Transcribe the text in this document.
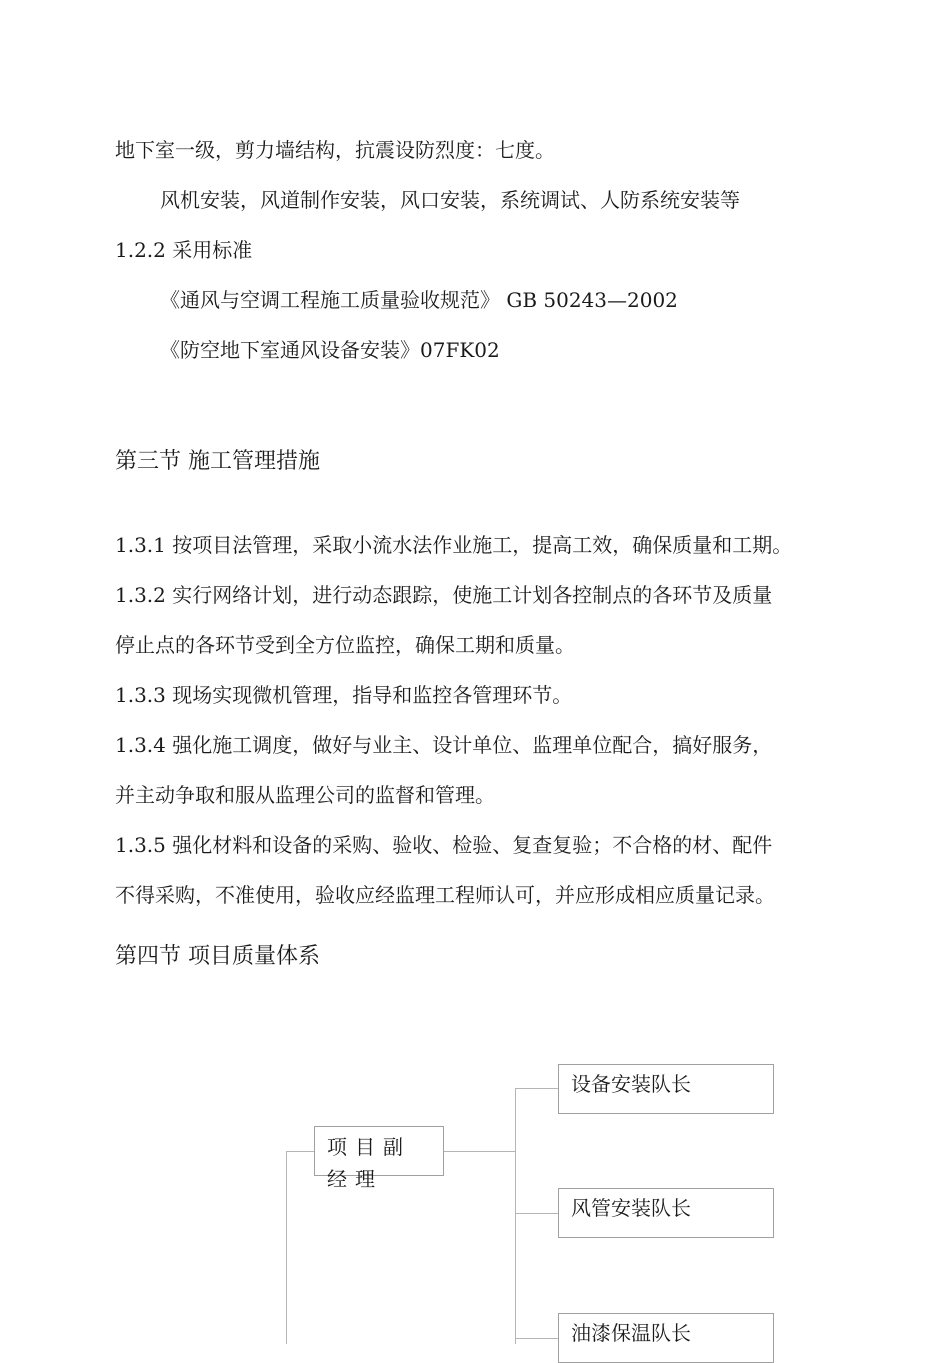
地下室一级，剪力墙结构，抗震设防烈度：七度。

风机安装，风道制作安装，风口安装，系统调试、人防系统安装等

1.2.2 采用标准

《通风与空调工程施工质量验收规范》 GB 50243—2002

《防空地下室通风设备安装》07FK02

第三节 施工管理措施

1.3.1 按项目法管理，采取小流水法作业施工，提高工效，确保质量和工期。

1.3.2 实行网络计划，进行动态跟踪，使施工计划各控制点的各环节及质量

停止点的各环节受到全方位监控，确保工期和质量。

1.3.3 现场实现微机管理，指导和监控各管理环节。

1.3.4 强化施工调度，做好与业主、设计单位、监理单位配合，搞好服务，

并主动争取和服从监理公司的监督和管理。

1.3.5 强化材料和设备的采购、验收、检验、复查复验；不合格的材、配件

不得采购，不准使用，验收应经监理工程师认可，并应形成相应质量记录。

第四节 项目质量体系
项目副经理
设备安装队长
风管安装队长
油漆保温队长
